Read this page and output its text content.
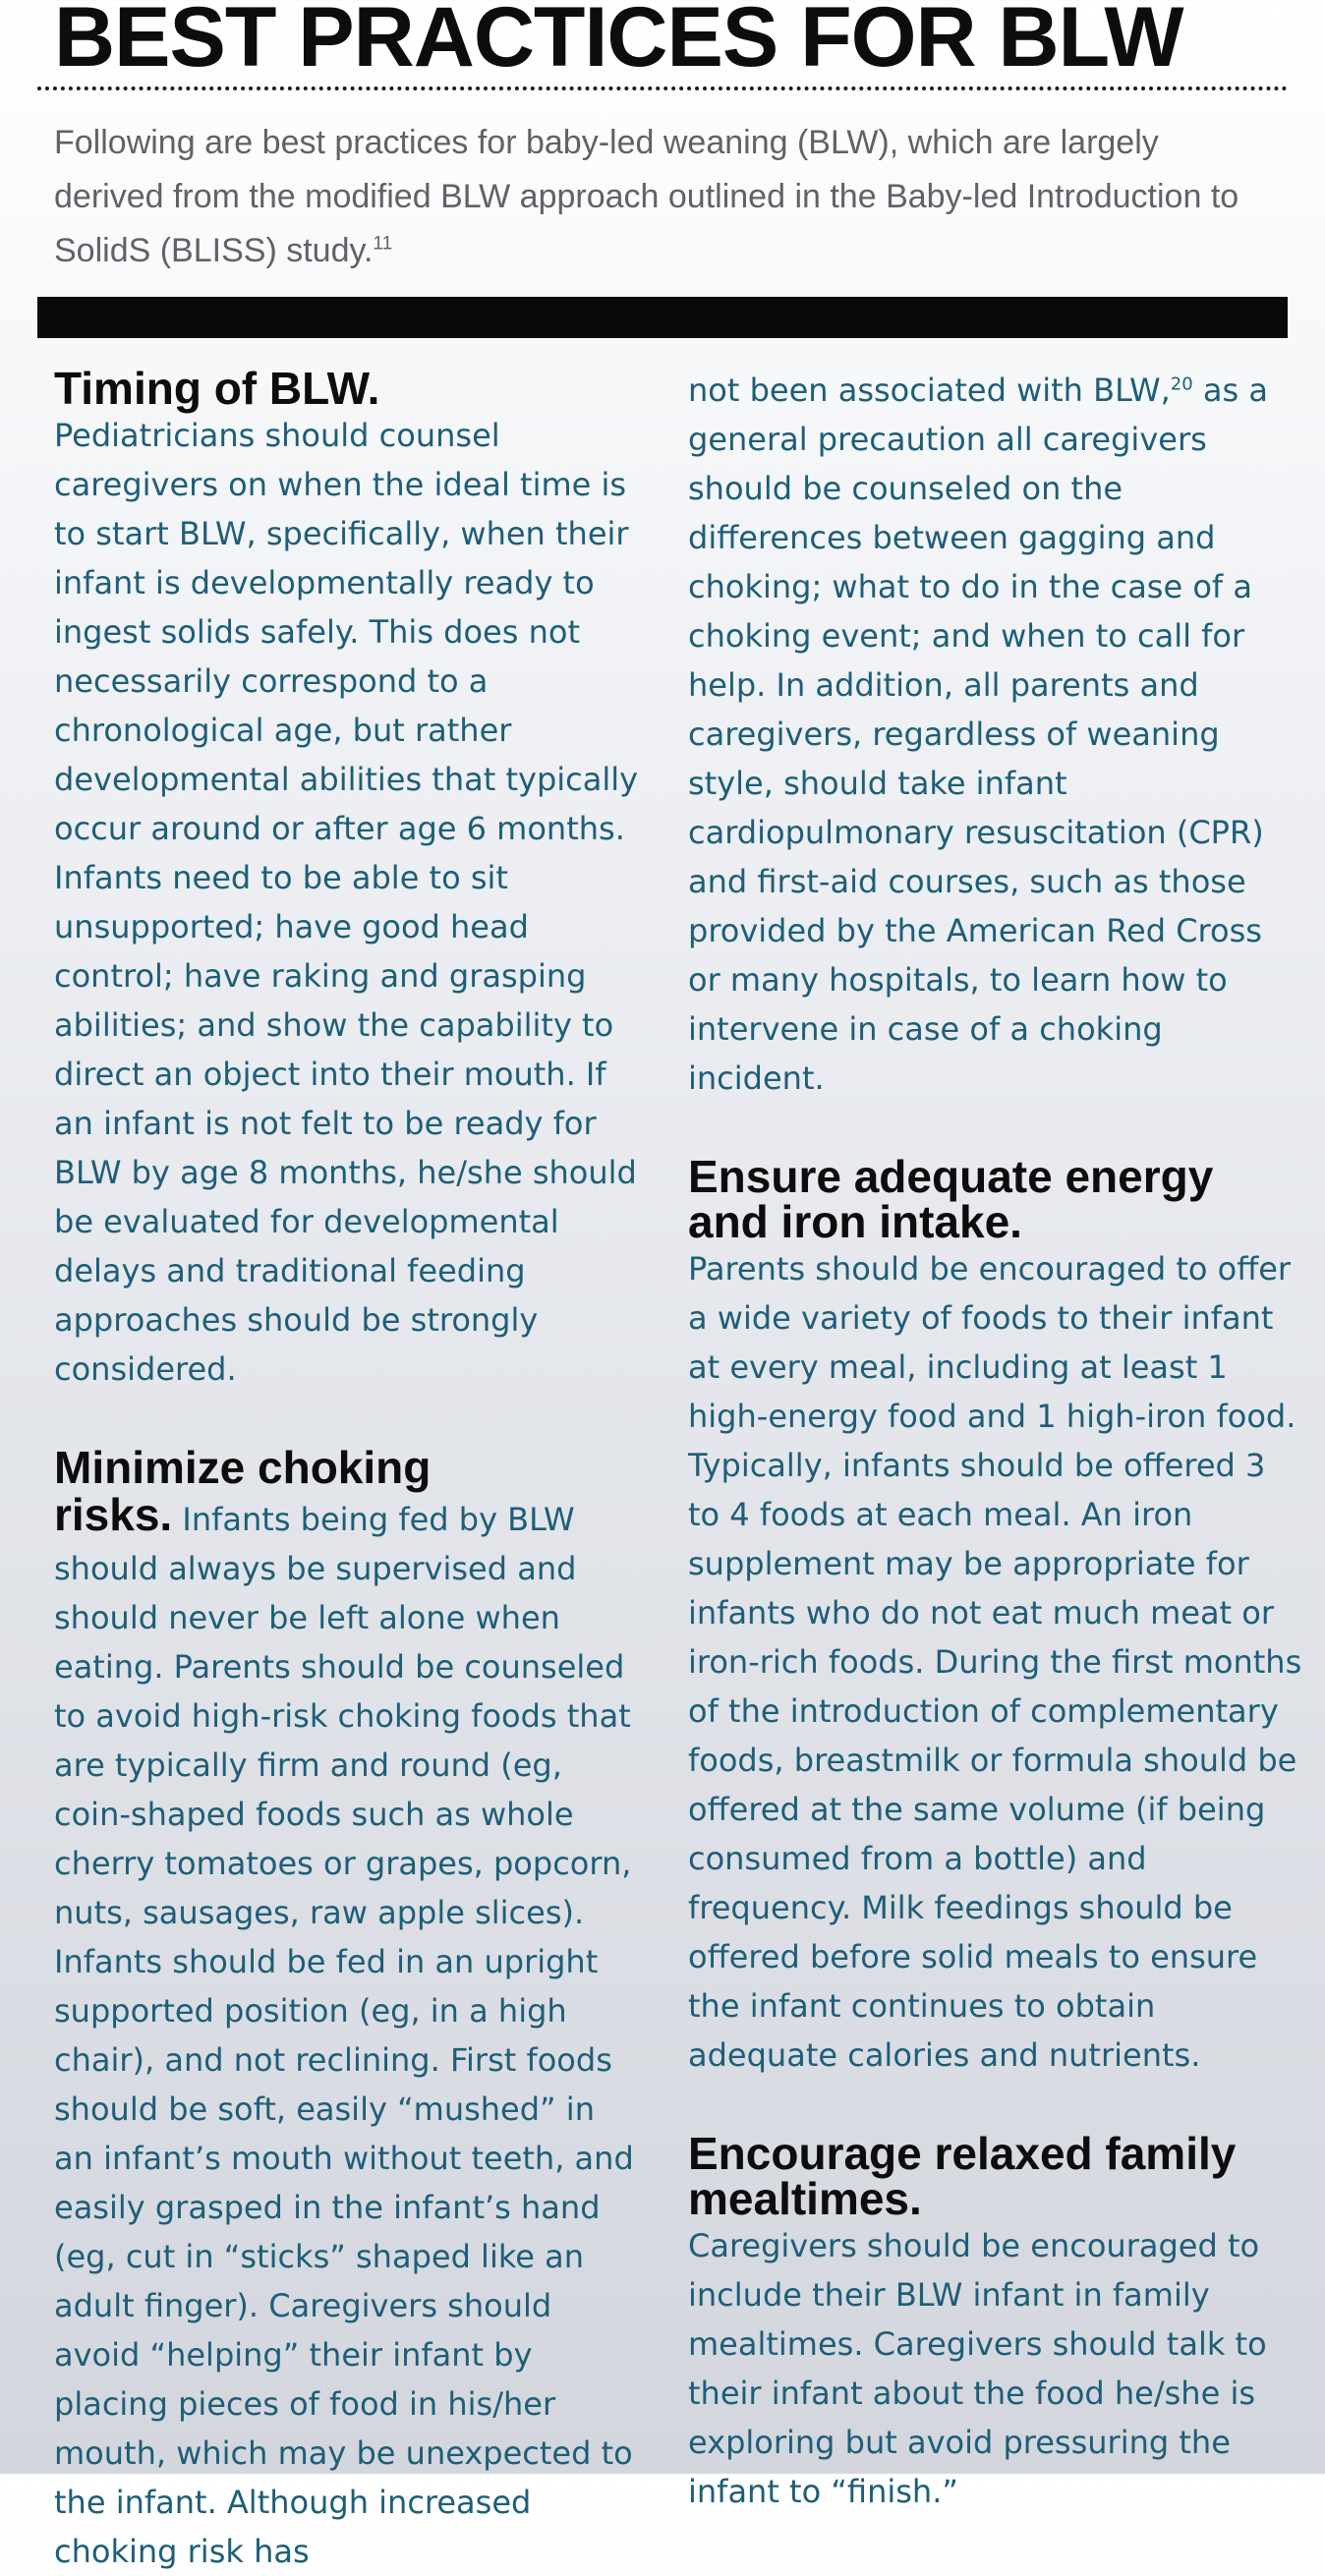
BEST PRACTICES FOR BLW

Following are best practices for baby-led weaning (BLW), which are largely derived from the modified BLW approach outlined in the Baby-led Introduction to SolidS (BLISS) study.$^{11}$

Timing of BLW.

Pediatricians should counsel caregivers on when the ideal time is to start BLW, specifically, when their infant is developmentally ready to ingest solids safely. This does not necessarily correspond to a chronological age, but rather developmental abilities that typically occur around or after age 6 months. Infants need to be able to sit unsupported; have good head control; have raking and grasping abilities; and show the capability to direct an object into their mouth. If an infant is not felt to be ready for BLW by age 8 months, he/she should be evaluated for developmental delays and traditional feeding approaches should be strongly considered.

Minimize choking

risks. Infants being fed by BLW should always be supervised and should never be left alone when eating. Parents should be counseled to avoid high-risk choking foods that are typically firm and round (eg, coin-shaped foods such as whole cherry tomatoes or grapes, popcorn, nuts, sausages, raw apple slices). Infants should be fed in an upright supported position (eg, in a high chair), and not reclining. First foods should be soft, easily “mushed” in an infant’s mouth without teeth, and easily grasped in the infant’s hand (eg, cut in “sticks” shaped like an adult finger). Caregivers should avoid “helping” their infant by placing pieces of food in his/her mouth, which may be unexpected to the infant. Although increased choking risk has

not been associated with BLW,$^{20}$ as a general precaution all caregivers should be counseled on the differences between gagging and choking; what to do in the case of a choking event; and when to call for help. In addition, all parents and caregivers, regardless of weaning style, should take infant cardiopulmonary resuscitation (CPR) and first-aid courses, such as those provided by the American Red Cross or many hospitals, to learn how to intervene in case of a choking incident.

Ensure adequate energy and iron intake.

Parents should be encouraged to offer a wide variety of foods to their infant at every meal, including at least 1 high-energy food and 1 high-iron food. Typically, infants should be offered 3 to 4 foods at each meal. An iron supplement may be appropriate for infants who do not eat much meat or iron-rich foods. During the first months of the introduction of complementary foods, breastmilk or formula should be offered at the same volume (if being consumed from a bottle) and frequency. Milk feedings should be offered before solid meals to ensure the infant continues to obtain adequate calories and nutrients.

Encourage relaxed family mealtimes.

Caregivers should be encouraged to include their BLW infant in family mealtimes. Caregivers should talk to their infant about the food he/she is exploring but avoid pressuring the infant to “finish.”
